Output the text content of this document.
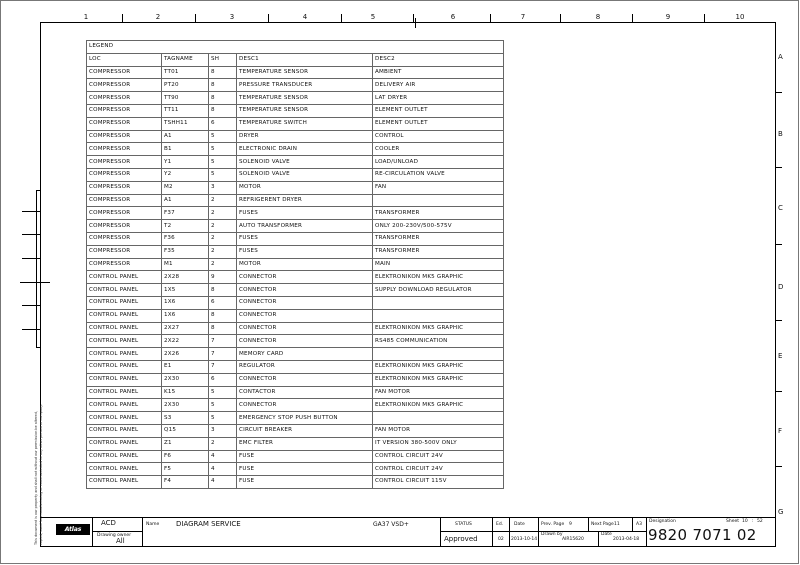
1	2	3	4	5	6	7	8	9	10
A
B
C
D
E
F
G
This document is our property and shall not without our permission be altered, copied, used for manufacturing or communicated to any other person or company.
LEGEND				
LOC	TAGNAME	SH	DESC1	DESC2
COMPRESSOR	TT01	8	TEMPERATURE SENSOR	AMBIENT
COMPRESSOR	PT20	8	PRESSURE TRANSDUCER	DELIVERY AIR
COMPRESSOR	TT90	8	TEMPERATURE SENSOR	LAT DRYER
COMPRESSOR	TT11	8	TEMPERATURE SENSOR	ELEMENT OUTLET
COMPRESSOR	TSHH11	6	TEMPERATURE SWITCH	ELEMENT OUTLET
COMPRESSOR	A1	5	DRYER	CONTROL
COMPRESSOR	B1	5	ELECTRONIC DRAIN	COOLER
COMPRESSOR	Y1	5	SOLENOID VALVE	LOAD/UNLOAD
COMPRESSOR	Y2	5	SOLENOID VALVE	RE-CIRCULATION VALVE
COMPRESSOR	M2	3	MOTOR	FAN
COMPRESSOR	A1	2	REFRIGERENT DRYER	
COMPRESSOR	F37	2	FUSES	TRANSFORMER
COMPRESSOR	T2	2	AUTO TRANSFORMER	ONLY 200-230V/500-575V
COMPRESSOR	F36	2	FUSES	TRANSFORMER
COMPRESSOR	F35	2	FUSES	TRANSFORMER
COMPRESSOR	M1	2	MOTOR	MAIN
CONTROL PANEL	2X28	9	CONNECTOR	ELEKTRONIKON MK5 GRAPHIC
CONTROL PANEL	1X5	8	CONNECTOR	SUPPLY DOWNLOAD REGULATOR
CONTROL PANEL	1X6	6	CONNECTOR	
CONTROL PANEL	1X6	8	CONNECTOR	
CONTROL PANEL	2X27	8	CONNECTOR	ELEKTRONIKON MK5 GRAPHIC
CONTROL PANEL	2X22	7	CONNECTOR	RS485 COMMUNICATION
CONTROL PANEL	2X26	7	MEMORY CARD	
CONTROL PANEL	E1	7	REGULATOR	ELEKTRONIKON MK5 GRAPHIC
CONTROL PANEL	2X30	6	CONNECTOR	ELEKTRONIKON MK5 GRAPHIC
CONTROL PANEL	K15	5	CONTACTOR	FAN MOTOR
CONTROL PANEL	2X30	5	CONNECTOR	ELEKTRONIKON MK5 GRAPHIC
CONTROL PANEL	S3	5	EMERGENCY STOP PUSH BUTTON	
CONTROL PANEL	Q15	3	CIRCUIT BREAKER	FAN MOTOR
CONTROL PANEL	Z1	2	EMC FILTER	IT VERSION 380-500V ONLY
CONTROL PANEL	F6	4	FUSE	CONTROL CIRCUIT 24V
CONTROL PANEL	F5	4	FUSE	CONTROL CIRCUIT 24V
CONTROL PANEL	F4	4	FUSE	CONTROL CIRCUIT 115V
Atlas Copco
ACD
Drawing owner
All
Name DIAGRAM SERVICE	GA37 VSD+	STATUS
Approved
Ed.
02
Date
2013-10-14
Prev. Page 9	Next Page 11	A3
Drawn by
AIR15620
Date
2013-04-18
Designation
9820 7071 02
Sheet 10 : 52
